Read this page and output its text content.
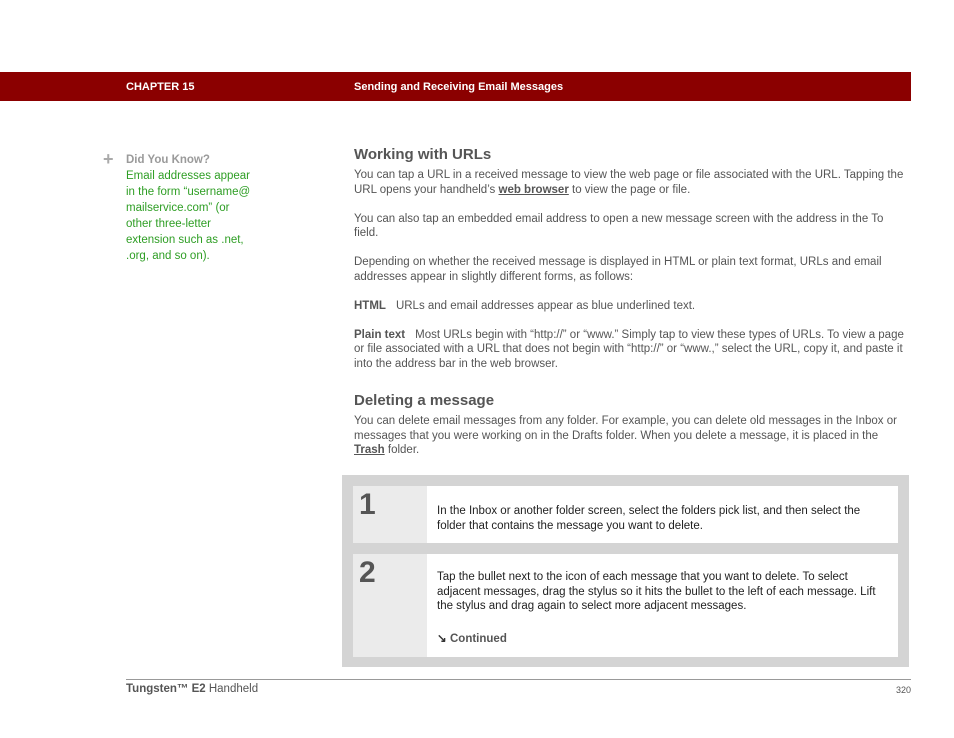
CHAPTER 15	Sending and Receiving Email Messages
+ Did You Know?
Email addresses appear
in the form “username@
mailservice.com” (or
other three-letter
extension such as .net,
.org, and so on).
Working with URLs

You can tap a URL in a received message to view the web page or file associated with the URL. Tapping the URL opens your handheld’s web browser to view the page or file.

You can also tap an embedded email address to open a new message screen with the address in the To field.

Depending on whether the received message is displayed in HTML or plain text format, URLs and email addresses appear in slightly different forms, as follows:

HTML URLs and email addresses appear as blue underlined text.

Plain text Most URLs begin with “http://” or “www.” Simply tap to view these types of URLs. To view a page or file associated with a URL that does not begin with “http://” or “www.,” select the URL, copy it, and paste it into the address bar in the web browser.

Deleting a message

You can delete email messages from any folder. For example, you can delete old messages in the Inbox or messages that you were working on in the Drafts folder. When you delete a message, it is placed in the Trash folder.

1	In the Inbox or another folder screen, select the folders pick list, and then select the folder that contains the message you want to delete.
2	Tap the bullet next to the icon of each message that you want to delete. To select adjacent messages, drag the stylus so it hits the bullet to the left of each message. Lift the stylus and drag again to select more adjacent messages.
↘ Continued
Tungsten™ E2 Handheld	320
